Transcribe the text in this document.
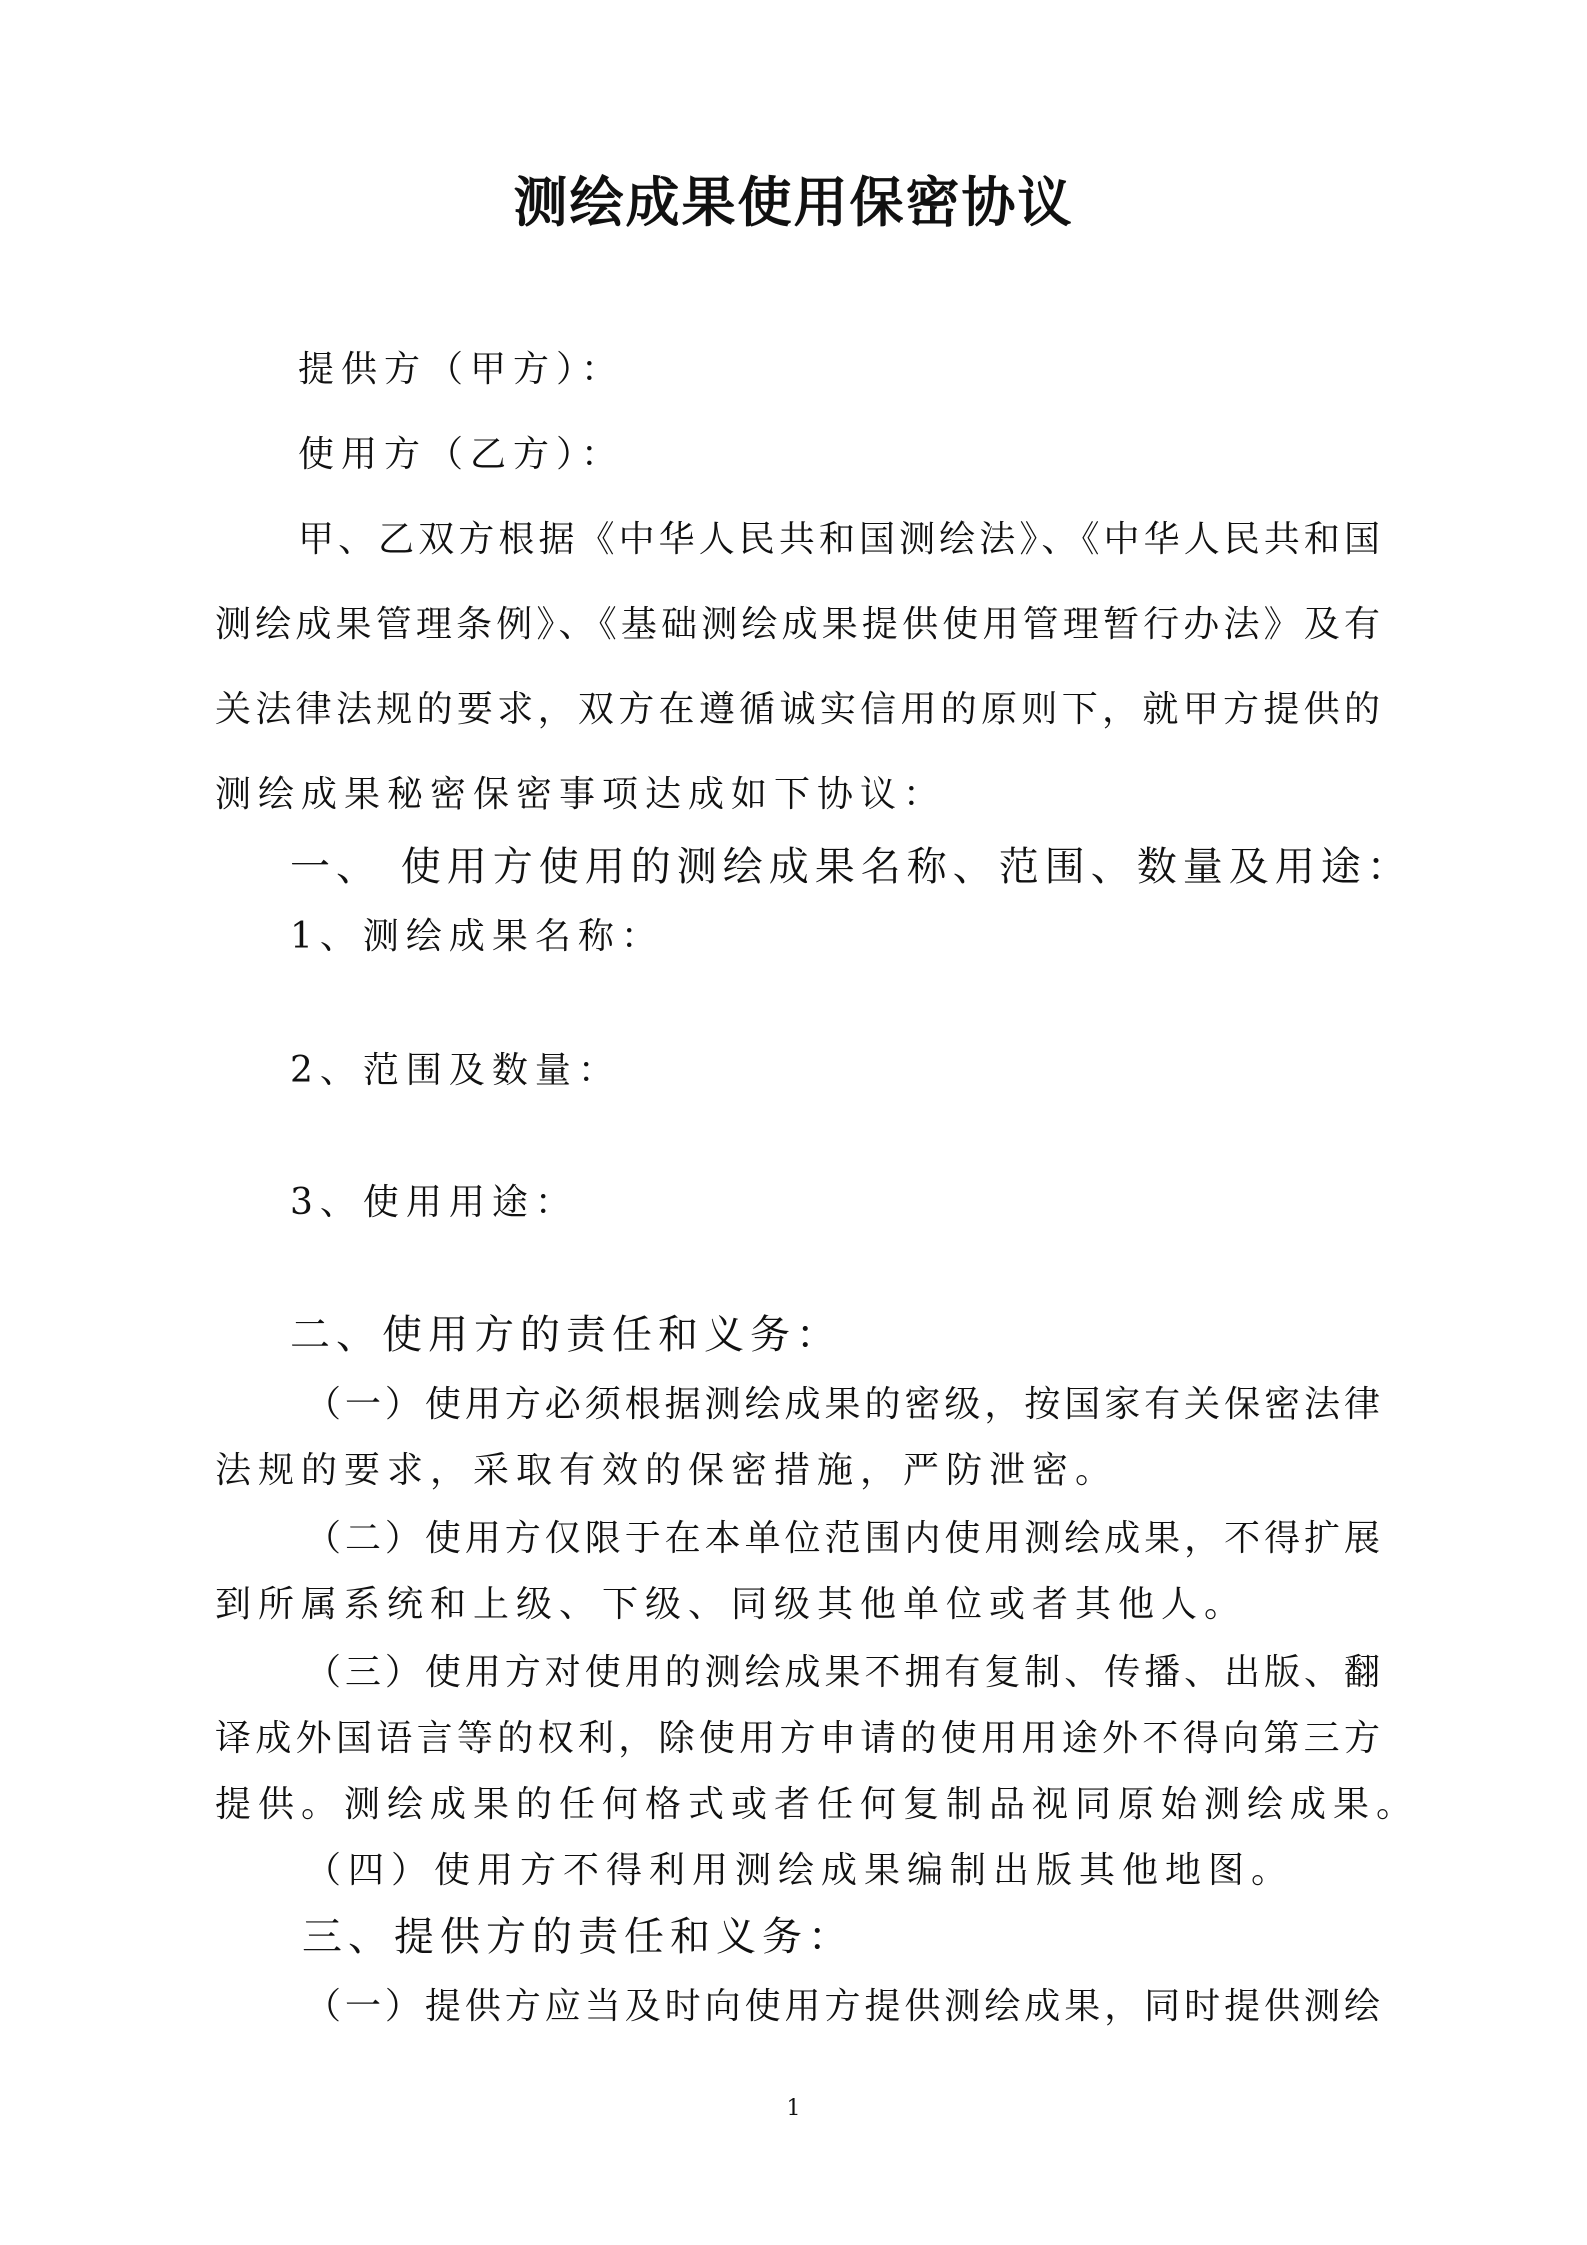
测绘成果使用保密协议
提供方（甲方）：
使用方（乙方）：
甲、乙双方根据《中华人民共和国测绘法》、《中华人民共和国
测绘成果管理条例》、《基础测绘成果提供使用管理暂行办法》及有
关法律法规的要求，双方在遵循诚实信用的原则下，就甲方提供的
测绘成果秘密保密事项达成如下协议：
一、 使用方使用的测绘成果名称、范围、数量及用途：
1、测绘成果名称：
2、范围及数量：
3、使用用途：
二、使用方的责任和义务：
（一）使用方必须根据测绘成果的密级，按国家有关保密法律
法规的要求，采取有效的保密措施，严防泄密。
（二）使用方仅限于在本单位范围内使用测绘成果，不得扩展
到所属系统和上级、下级、同级其他单位或者其他人。
（三）使用方对使用的测绘成果不拥有复制、传播、出版、翻
译成外国语言等的权利，除使用方申请的使用用途外不得向第三方
提供。测绘成果的任何格式或者任何复制品视同原始测绘成果。
（四）使用方不得利用测绘成果编制出版其他地图。
三、提供方的责任和义务：
（一）提供方应当及时向使用方提供测绘成果，同时提供测绘
1
